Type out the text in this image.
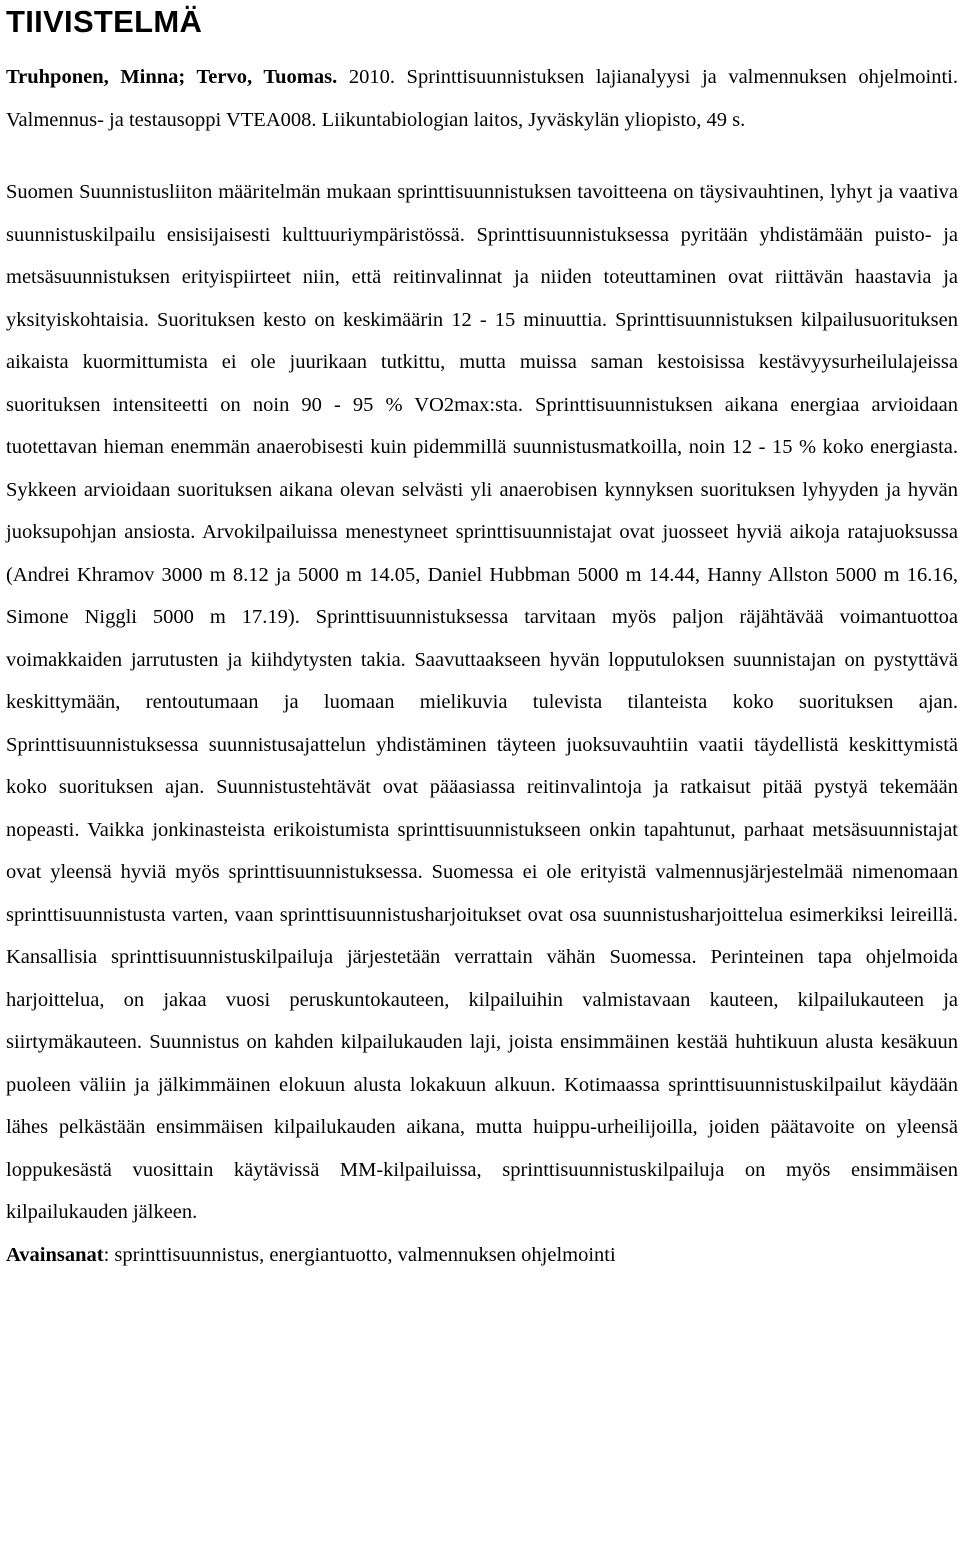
TIIVISTELMÄ

Truhponen, Minna; Tervo, Tuomas. 2010. Sprinttisuunnistuksen lajianalyysi ja valmennuksen ohjelmointi. Valmennus- ja testausoppi VTEA008. Liikuntabiologian laitos, Jyväskylän yliopisto, 49 s.

Suomen Suunnistusliiton määritelmän mukaan sprinttisuunnistuksen tavoitteena on täysivauhtinen, lyhyt ja vaativa suunnistuskilpailu ensisijaisesti kulttuuriympäristössä. Sprinttisuunnistuksessa pyritään yhdistämään puisto- ja metsäsuunnistuksen erityispiirteet niin, että reitinvalinnat ja niiden toteuttaminen ovat riittävän haastavia ja yksityiskohtaisia. Suorituksen kesto on keskimäärin 12 - 15 minuuttia. Sprinttisuunnistuksen kilpailusuorituksen aikaista kuormittumista ei ole juurikaan tutkittu, mutta muissa saman kestoisissa kestävyysurheilulajeissa suorituksen intensiteetti on noin 90 - 95 % VO2max:sta. Sprinttisuunnistuksen aikana energiaa arvioidaan tuotettavan hieman enemmän anaerobisesti kuin pidemmillä suunnistusmatkoilla, noin 12 - 15 % koko energiasta. Sykkeen arvioidaan suorituksen aikana olevan selvästi yli anaerobisen kynnyksen suorituksen lyhyyden ja hyvän juoksupohjan ansiosta. Arvokilpailuissa menestyneet sprinttisuunnistajat ovat juosseet hyviä aikoja ratajuoksussa (Andrei Khramov 3000 m 8.12 ja 5000 m 14.05, Daniel Hubbman 5000 m 14.44, Hanny Allston 5000 m 16.16, Simone Niggli 5000 m 17.19). Sprinttisuunnistuksessa tarvitaan myös paljon räjähtävää voimantuottoa voimakkaiden jarrutusten ja kiihdytysten takia. Saavuttaakseen hyvän lopputuloksen suunnistajan on pystyttävä keskittymään, rentoutumaan ja luomaan mielikuvia tulevista tilanteista koko suorituksen ajan. Sprinttisuunnistuksessa suunnistusajattelun yhdistäminen täyteen juoksuvauhtiin vaatii täydellistä keskittymistä koko suorituksen ajan. Suunnistustehtävät ovat pääasiassa reitinvalintoja ja ratkaisut pitää pystyä tekemään nopeasti. Vaikka jonkinasteista erikoistumista sprinttisuunnistukseen onkin tapahtunut, parhaat metsäsuunnistajat ovat yleensä hyviä myös sprinttisuunnistuksessa. Suomessa ei ole erityistä valmennusjärjestelmää nimenomaan sprinttisuunnistusta varten, vaan sprinttisuunnistusharjoitukset ovat osa suunnistusharjoittelua esimerkiksi leireillä. Kansallisia sprinttisuunnistuskilpailuja järjestetään verrattain vähän Suomessa. Perinteinen tapa ohjelmoida harjoittelua, on jakaa vuosi peruskuntokauteen, kilpailuihin valmistavaan kauteen, kilpailukauteen ja siirtymäkauteen. Suunnistus on kahden kilpailukauden laji, joista ensimmäinen kestää huhtikuun alusta kesäkuun puoleen väliin ja jälkimmäinen elokuun alusta lokakuun alkuun. Kotimaassa sprinttisuunnistuskilpailut käydään lähes pelkästään ensimmäisen kilpailukauden aikana, mutta huippu-urheilijoilla, joiden päätavoite on yleensä loppukesästä vuosittain käytävissä MM-kilpailuissa, sprinttisuunnistuskilpailuja on myös ensimmäisen kilpailukauden jälkeen.

Avainsanat: sprinttisuunnistus, energiantuotto, valmennuksen ohjelmointi
